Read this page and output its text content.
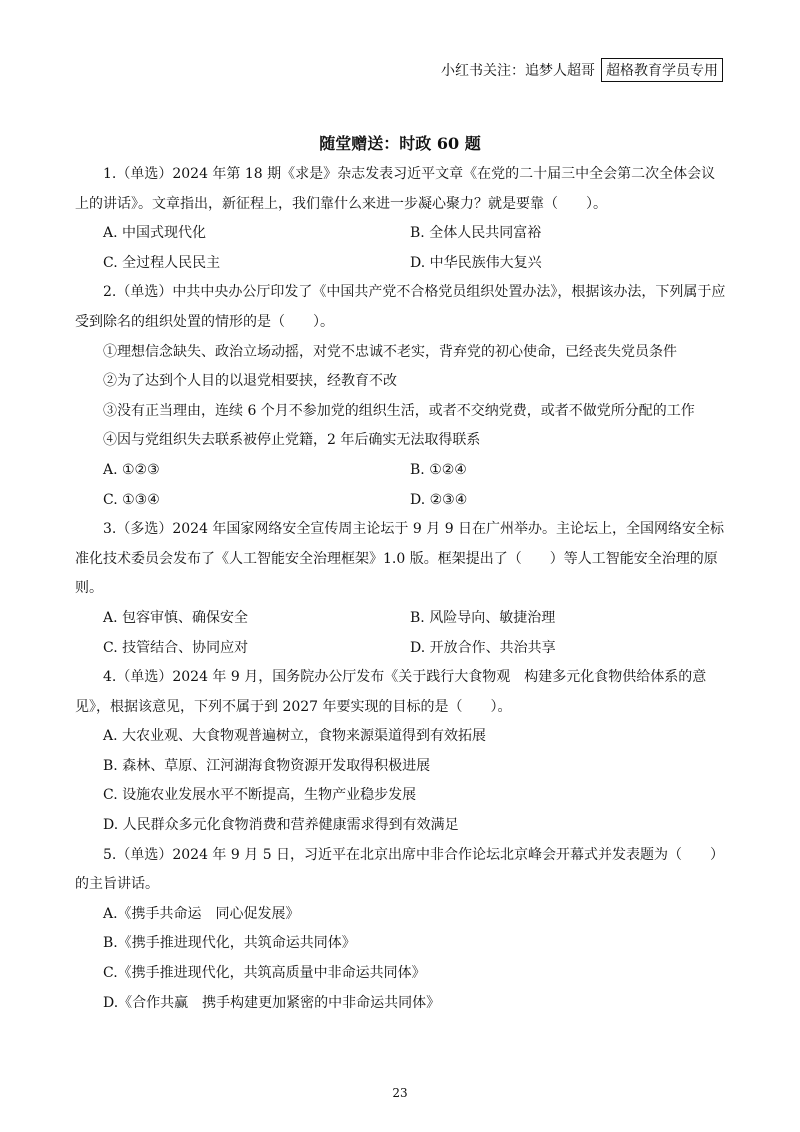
小红书关注：追梦人超哥 超格教育学员专用
随堂赠送：时政 60 题

1.（单选）2024 年第 18 期《求是》杂志发表习近平文章《在党的二十届三中全会第二次全体会议上的讲话》。文章指出，新征程上，我们靠什么来进一步凝心聚力？就是要靠（　　）。

A. 中国式现代化	B. 全体人民共同富裕
C. 全过程人民民主	D. 中华民族伟大复兴

2.（单选）中共中央办公厅印发了《中国共产党不合格党员组织处置办法》，根据该办法，下列属于应受到除名的组织处置的情形的是（　　）。

①理想信念缺失、政治立场动摇，对党不忠诚不老实，背弃党的初心使命，已经丧失党员条件

②为了达到个人目的以退党相要挟，经教育不改

③没有正当理由，连续 6 个月不参加党的组织生活，或者不交纳党费，或者不做党所分配的工作

④因与党组织失去联系被停止党籍，2 年后确实无法取得联系

A. ①②③	B. ①②④
C. ①③④	D. ②③④

3.（多选）2024 年国家网络安全宣传周主论坛于 9 月 9 日在广州举办。主论坛上，全国网络安全标准化技术委员会发布了《人工智能安全治理框架》1.0 版。框架提出了（　　）等人工智能安全治理的原则。

A. 包容审慎、确保安全	B. 风险导向、敏捷治理
C. 技管结合、协同应对	D. 开放合作、共治共享

4.（单选）2024 年 9 月，国务院办公厅发布《关于践行大食物观　构建多元化食物供给体系的意见》，根据该意见，下列不属于到 2027 年要实现的目标的是（　　）。

A. 大农业观、大食物观普遍树立，食物来源渠道得到有效拓展

B. 森林、草原、江河湖海食物资源开发取得积极进展

C. 设施农业发展水平不断提高，生物产业稳步发展

D. 人民群众多元化食物消费和营养健康需求得到有效满足

5.（单选）2024 年 9 月 5 日，习近平在北京出席中非合作论坛北京峰会开幕式并发表题为（　　）的主旨讲话。

A.《携手共命运　同心促发展》

B.《携手推进现代化，共筑命运共同体》

C.《携手推进现代化，共筑高质量中非命运共同体》

D.《合作共赢　携手构建更加紧密的中非命运共同体》

23
